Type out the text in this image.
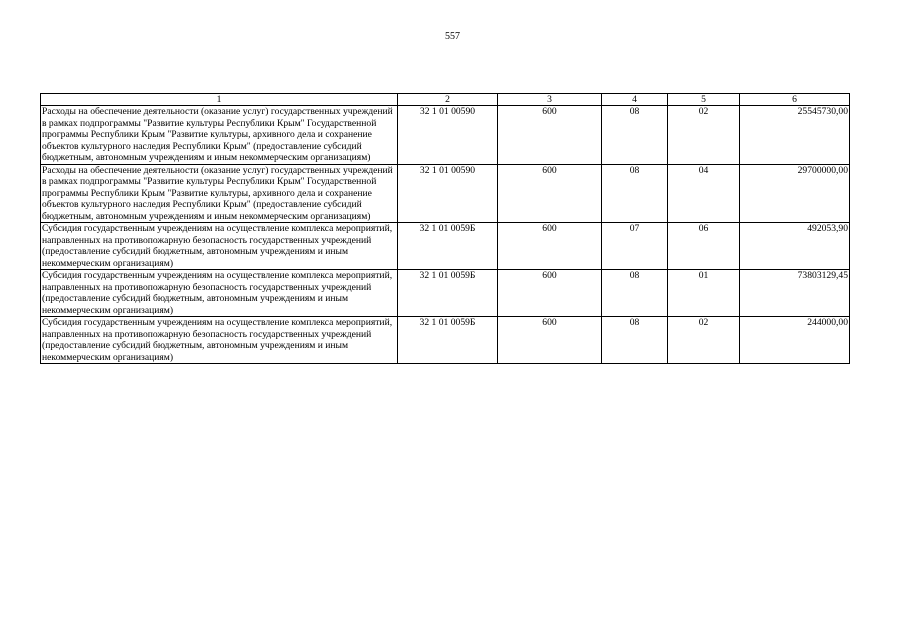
557
1	2	3	4	5	6
Расходы на обеспечение деятельности (оказание услуг) государственных учреждений в рамках подпрограммы "Развитие культуры Республики Крым" Государственной программы Республики Крым "Развитие культуры, архивного дела и сохранение объектов культурного наследия Республики Крым" (предоставление субсидий бюджетным, автономным учреждениям и иным некоммерческим организациям)	32 1 01 00590	600	08	02	25545730,00
Расходы на обеспечение деятельности (оказание услуг) государственных учреждений в рамках подпрограммы "Развитие культуры Республики Крым" Государственной программы Республики Крым "Развитие культуры, архивного дела и сохранение объектов культурного наследия Республики Крым" (предоставление субсидий бюджетным, автономным учреждениям и иным некоммерческим организациям)	32 1 01 00590	600	08	04	29700000,00
Субсидия государственным учреждениям на осуществление комплекса мероприятий, направленных на противопожарную безопасность государственных учреждений (предоставление субсидий бюджетным, автономным учреждениям и иным некоммерческим организациям)	32 1 01 0059Б	600	07	06	492053,90
Субсидия государственным учреждениям на осуществление комплекса мероприятий, направленных на противопожарную безопасность государственных учреждений (предоставление субсидий бюджетным, автономным учреждениям и иным некоммерческим организациям)	32 1 01 0059Б	600	08	01	73803129,45
Субсидия государственным учреждениям на осуществление комплекса мероприятий, направленных на противопожарную безопасность государственных учреждений (предоставление субсидий бюджетным, автономным учреждениям и иным некоммерческим организациям)	32 1 01 0059Б	600	08	02	244000,00
